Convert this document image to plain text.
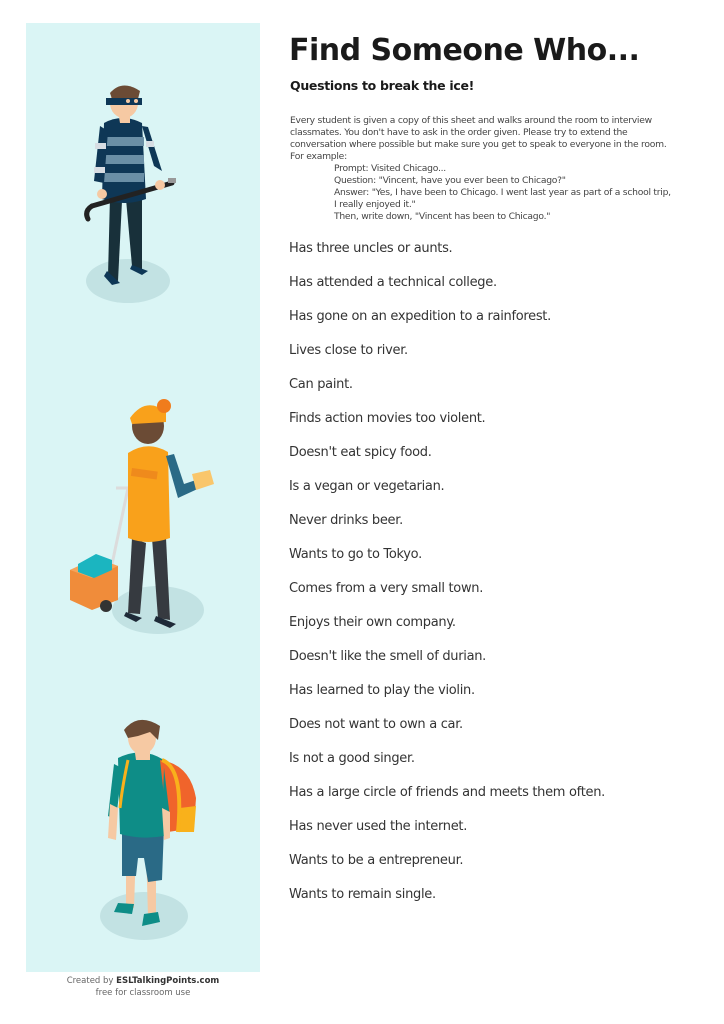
Created by ESLTalkingPoints.com
free for classroom use
Find Someone Who...
Questions to break the ice!
Every student is given a copy of this sheet and walks around the room to interview classmates. You don't have to ask in the order given. Please try to extend the conversation where possible but make sure you get to speak to everyone in the room. For example:
Prompt: Visited Chicago...
Question: "Vincent, have you ever been to Chicago?"
Answer: "Yes, I have been to Chicago. I went last year as part of a school trip, I really enjoyed it."
Then, write down, "Vincent has been to Chicago."
Has three uncles or aunts.
Has attended a technical college.
Has gone on an expedition to a rainforest.
Lives close to river.
Can paint.
Finds action movies too violent.
Doesn't eat spicy food.
Is a vegan or vegetarian.
Never drinks beer.
Wants to go to Tokyo.
Comes from a very small town.
Enjoys their own company.
Doesn't like the smell of durian.
Has learned to play the violin.
Does not want to own a car.
Is not a good singer.
Has a large circle of friends and meets them often.
Has never used the internet.
Wants to be a entrepreneur.
Wants to remain single.
